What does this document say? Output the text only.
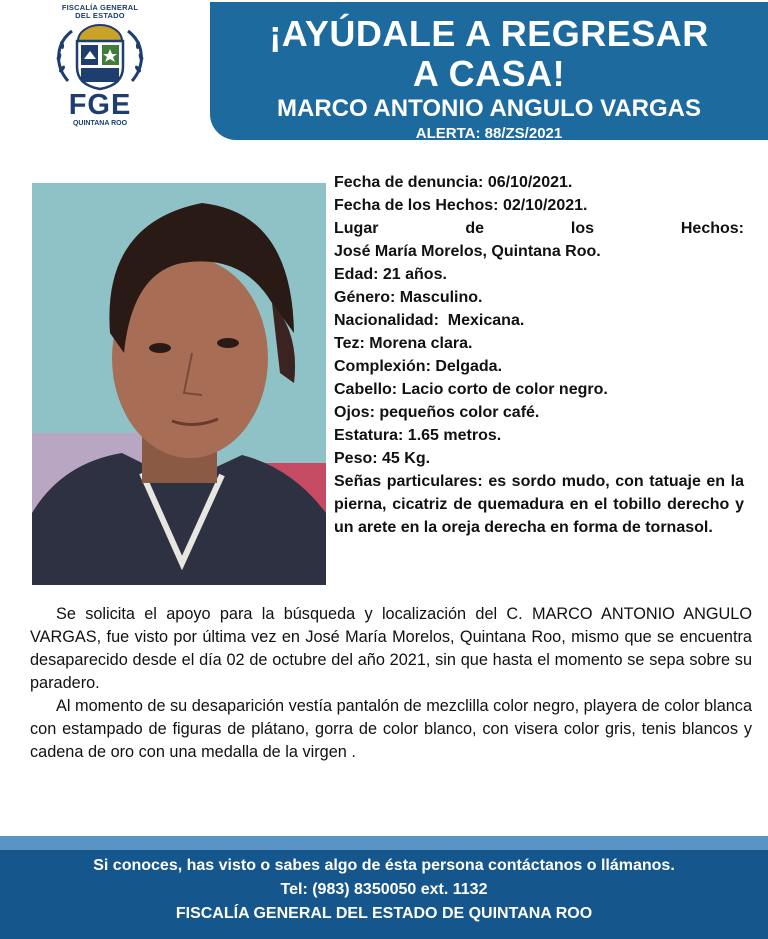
FISCALÍA GENERAL
DEL ESTADO
FGE
QUINTANA ROO
¡AYÚDALE A REGRESAR
A CASA!
MARCO ANTONIO ANGULO VARGAS
ALERTA: 88/ZS/2021
Fecha de denuncia: 06/10/2021.
Fecha de los Hechos: 02/10/2021.
Lugar	de	los	Hechos:
José María Morelos, Quintana Roo.
Edad: 21 años.
Género: Masculino.
Nacionalidad:  Mexicana.
Tez: Morena clara.
Complexión: Delgada.
Cabello: Lacio corto de color negro.
Ojos: pequeños color café.
Estatura: 1.65 metros.
Peso: 45 Kg.
Señas particulares: es sordo mudo, con tatuaje en la pierna, cicatriz de quemadura en el tobillo derecho y un arete en la oreja derecha en forma de tornasol.

Se solicita el apoyo para la búsqueda y localización del C. MARCO ANTONIO ANGULO VARGAS, fue visto por última vez en José María Morelos, Quintana Roo, mismo que se encuentra desaparecido desde el día 02 de octubre del año 2021, sin que hasta el momento se sepa sobre su paradero.

Al momento de su desaparición vestía pantalón de mezclilla color negro, playera de color blanca con estampado de figuras de plátano, gorra de color blanco, con visera color gris, tenis blancos y cadena de oro con una medalla de la virgen .

Si conoces, has visto o sabes algo de ésta persona contáctanos o llámanos.
Tel: (983) 8350050 ext. 1132
FISCALÍA GENERAL DEL ESTADO DE QUINTANA ROO
